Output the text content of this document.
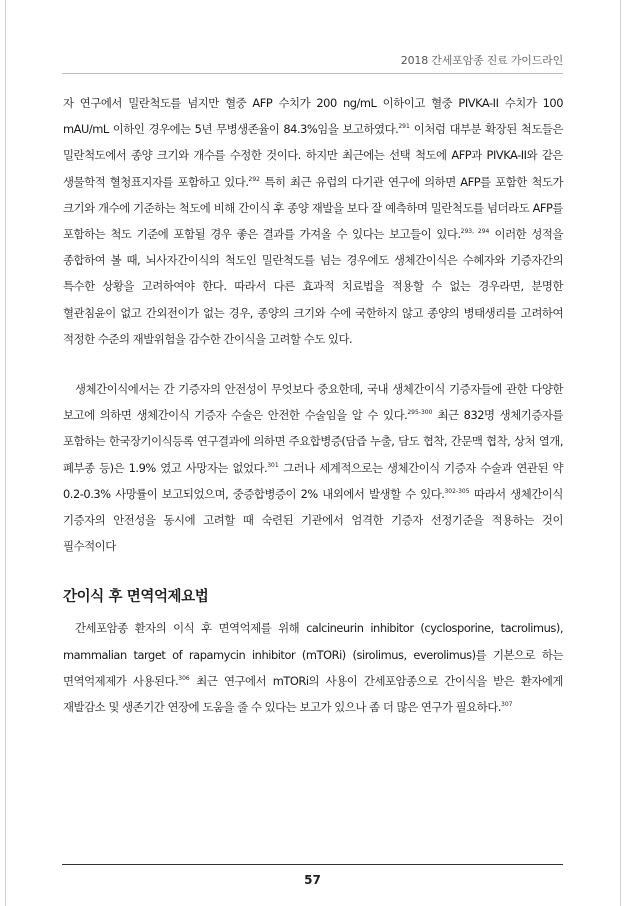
2018 간세포암종 진료 가이드라인

자 연구에서 밀란척도를 넘지만 혈중 AFP 수치가 200 ng/mL 이하이고 혈중 PIVKA-II 수치가 100 mAU/mL 이하인 경우에는 5년 무병생존율이 84.3%임을 보고하였다.$^{291}$ 이처럼 대부분 확장된 척도들은 밀란척도에서 종양 크기와 개수를 수정한 것이다. 하지만 최근에는 선택 척도에 AFP과 PIVKA-II와 같은 생물학적 혈청표지자를 포함하고 있다.$^{292}$ 특히 최근 유럽의 다기관 연구에 의하면 AFP를 포함한 척도가 크기와 개수에 기준하는 척도에 비해 간이식 후 종양 재발을 보다 잘 예측하며 밀란척도를 넘더라도 AFP를 포함하는 척도 기준에 포함될 경우 좋은 결과를 가져올 수 있다는 보고들이 있다.$^{293, 294}$ 이러한 성적을 종합하여 볼 때, 뇌사자간이식의 척도인 밀란척도를 넘는 경우에도 생체간이식은 수혜자와 기증자간의 특수한 상황을 고려하여야 한다. 따라서 다른 효과적 치료법을 적용할 수 없는 경우라면, 분명한 혈관침윤이 없고 간외전이가 없는 경우, 종양의 크기와 수에 국한하지 않고 종양의 병태생리를 고려하여 적정한 수준의 재발위험을 감수한 간이식을 고려할 수도 있다.

생체간이식에서는 간 기증자의 안전성이 무엇보다 중요한데, 국내 생체간이식 기증자들에 관한 다양한 보고에 의하면 생체간이식 기증자 수술은 안전한 수술임을 알 수 있다.$^{295-300}$ 최근 832명 생체기증자를 포함하는 한국장기이식등록 연구결과에 의하면 주요합병증(담즙 누출, 담도 협착, 간문맥 협착, 상처 열개, 폐부종 등)은 1.9% 였고 사망자는 없었다.$^{301}$ 그러나 세계적으로는 생체간이식 기증자 수술과 연관된 약 0.2-0.3% 사망률이 보고되었으며, 중증합병증이 2% 내외에서 발생할 수 있다.$^{302-305}$ 따라서 생체간이식 기증자의 안전성을 동시에 고려할 때 숙련된 기관에서 엄격한 기증자 선정기준을 적용하는 것이 필수적이다

간이식 후 면역억제요법

간세포암종 환자의 이식 후 면역억제를 위해 calcineurin inhibitor (cyclosporine, tacrolimus), mammalian target of rapamycin inhibitor (mTORi) (sirolimus, everolimus)를 기본으로 하는 면역억제제가 사용된다.$^{306}$ 최근 연구에서 mTORi의 사용이 간세포암종으로 간이식을 받은 환자에게 재발감소 및 생존기간 연장에 도움을 줄 수 있다는 보고가 있으나 좀 더 많은 연구가 필요하다.$^{307}$

57
